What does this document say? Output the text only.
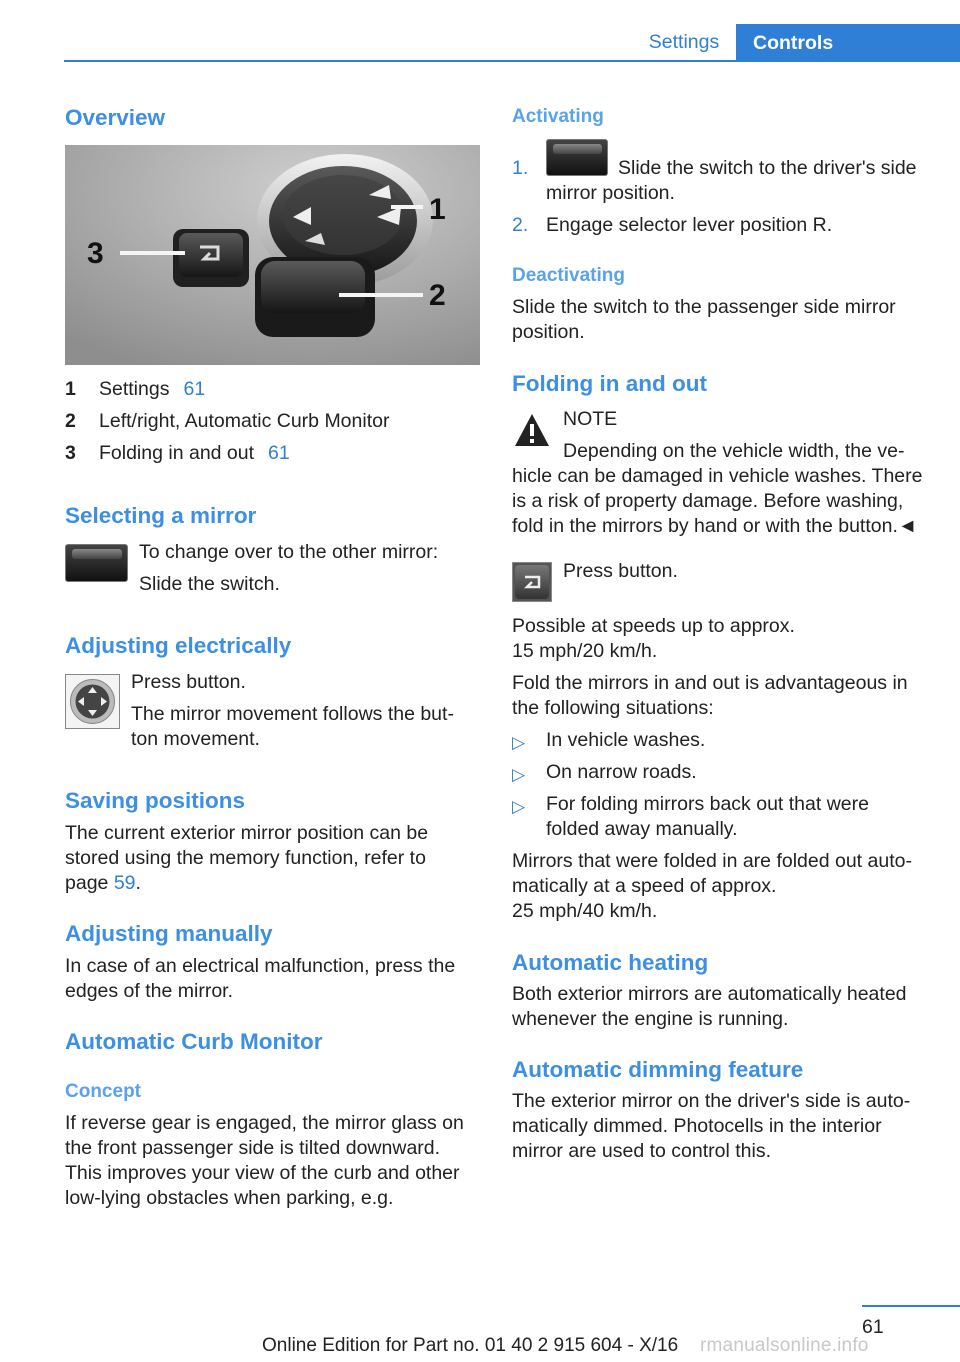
Settings	Controls
Overview
1
2
3
1 Settings 61
2 Left/right, Automatic Curb Monitor
3 Folding in and out 61
Selecting a mirror
To change over to the other mirror:
Slide the switch.
Adjusting electrically
Press button.
The mirror movement follows the but‐
ton movement.
Saving positions
The current exterior mirror position can be
stored using the memory function, refer to
page 59.
Adjusting manually
In case of an electrical malfunction, press the
edges of the mirror.
Automatic Curb Monitor
Concept
If reverse gear is engaged, the mirror glass on
the front passenger side is tilted downward.
This improves your view of the curb and other
low-lying obstacles when parking, e.g.
Activating
1.	Slide the switch to the driver's side
mirror position.
2. Engage selector lever position R.
Deactivating
Slide the switch to the passenger side mirror
position.
Folding in and out
NOTE
Depending on the vehicle width, the ve‐
hicle can be damaged in vehicle washes. There
is a risk of property damage. Before washing,
fold in the mirrors by hand or with the button.◄
Press button.
Possible at speeds up to approx.
15 mph/20 km/h.
Fold the mirrors in and out is advantageous in
the following situations:
▷ In vehicle washes.
▷ On narrow roads.
▷ For folding mirrors back out that were
folded away manually.
Mirrors that were folded in are folded out auto‐
matically at a speed of approx.
25 mph/40 km/h.
Automatic heating
Both exterior mirrors are automatically heated
whenever the engine is running.
Automatic dimming feature
The exterior mirror on the driver's side is auto‐
matically dimmed. Photocells in the interior
mirror are used to control this.
61
Online Edition for Part no. 01 40 2 915 604 - X/16 rmanualsonline.info
